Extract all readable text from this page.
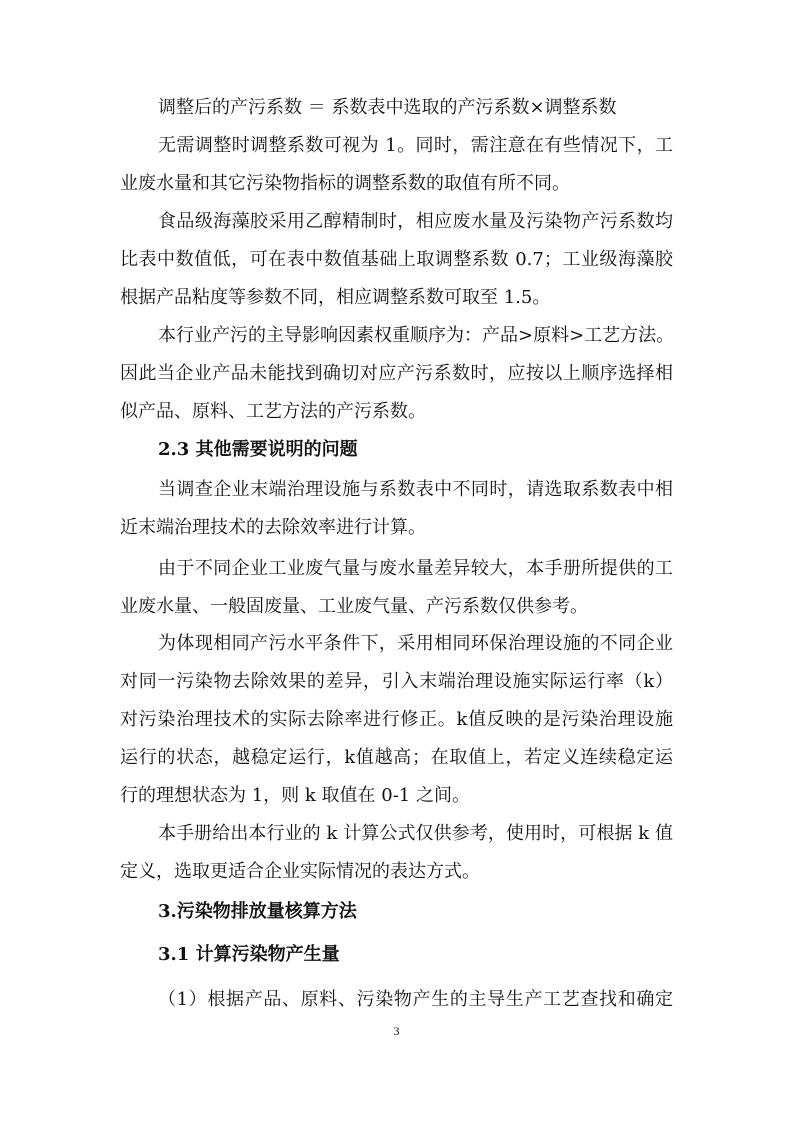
调整后的产污系数 ＝ 系数表中选取的产污系数×调整系数
无需调整时调整系数可视为 1。同时，需注意在有些情况下，工
业废水量和其它污染物指标的调整系数的取值有所不同。
食品级海藻胶采用乙醇精制时，相应废水量及污染物产污系数均
比表中数值低，可在表中数值基础上取调整系数 0.7；工业级海藻胶
根据产品粘度等参数不同，相应调整系数可取至 1.5。
本行业产污的主导影响因素权重顺序为：产品>原料>工艺方法。
因此当企业产品未能找到确切对应产污系数时，应按以上顺序选择相
似产品、原料、工艺方法的产污系数。
2.3 其他需要说明的问题
当调查企业末端治理设施与系数表中不同时，请选取系数表中相
近末端治理技术的去除效率进行计算。
由于不同企业工业废气量与废水量差异较大，本手册所提供的工
业废水量、一般固废量、工业废气量、产污系数仅供参考。
为体现相同产污水平条件下，采用相同环保治理设施的不同企业
对同一污染物去除效果的差异，引入末端治理设施实际运行率（k）
对污染治理技术的实际去除率进行修正。k值反映的是污染治理设施
运行的状态，越稳定运行，k值越高；在取值上，若定义连续稳定运
行的理想状态为 1，则 k 取值在 0-1 之间。
本手册给出本行业的 k 计算公式仅供参考，使用时，可根据 k 值
定义，选取更适合企业实际情况的表达方式。
3.污染物排放量核算方法
3.1 计算污染物产生量
（1）根据产品、原料、污染物产生的主导生产工艺查找和确定
3
